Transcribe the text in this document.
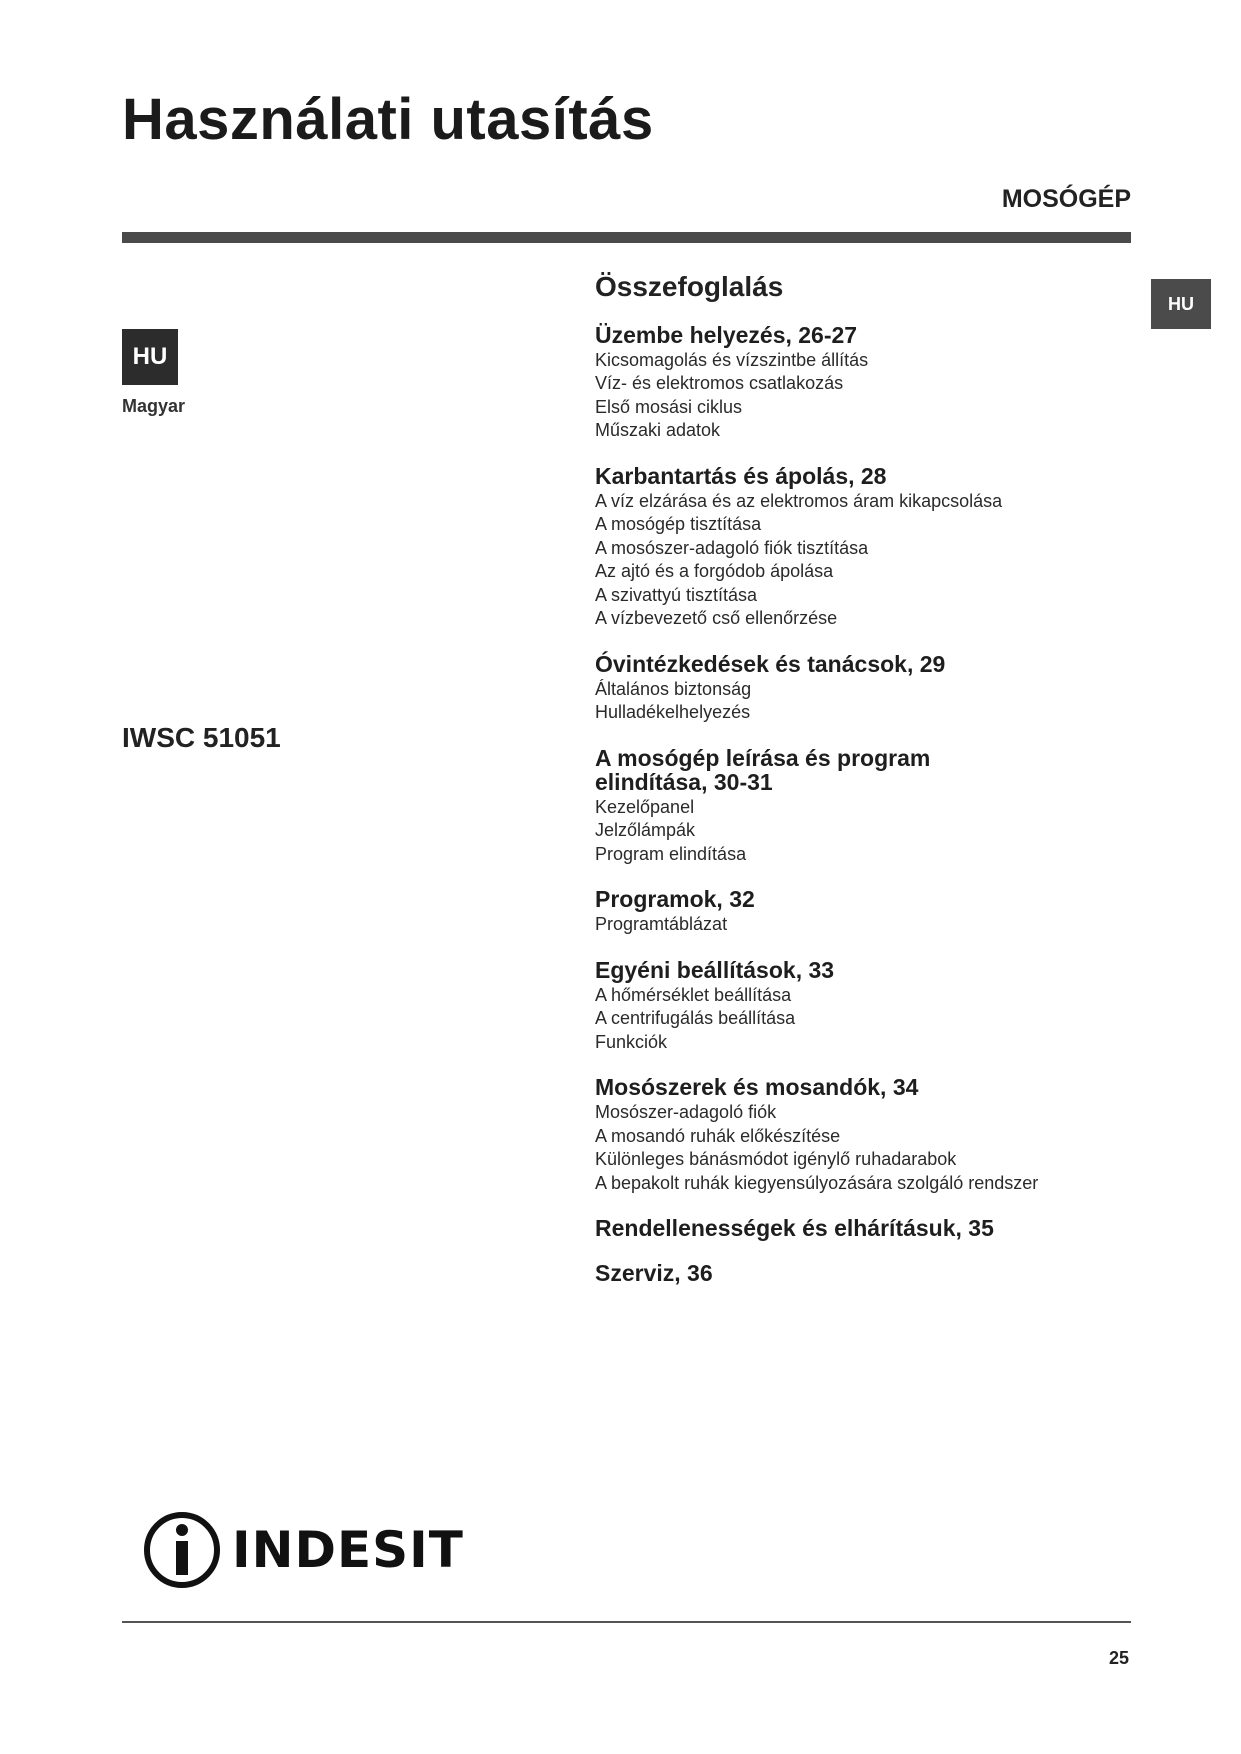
Használati utasítás
MOSÓGÉP
HU
HU
Magyar
IWSC 51051
Összefoglalás
Üzembe helyezés, 26-27
Kicsomagolás és vízszintbe állítás
Víz- és elektromos csatlakozás
Első mosási ciklus
Műszaki adatok
Karbantartás és ápolás, 28
A víz elzárása és az elektromos áram kikapcsolása
A mosógép tisztítása
A mosószer-adagoló fiók tisztítása
Az ajtó és a forgódob ápolása
A szivattyú tisztítása
A vízbevezető cső ellenőrzése
Óvintézkedések és tanácsok, 29
Általános biztonság
Hulladékelhelyezés
A mosógép leírása és program
elindítása, 30-31
Kezelőpanel
Jelzőlámpák
Program elindítása
Programok, 32
Programtáblázat
Egyéni beállítások, 33
A hőmérséklet beállítása
A centrifugálás beállítása
Funkciók
Mosószerek és mosandók, 34
Mosószer-adagoló fiók
A mosandó ruhák előkészítése
Különleges bánásmódot igénylő ruhadarabok
A bepakolt ruhák kiegyensúlyozására szolgáló rendszer
Rendellenességek és elhárításuk, 35
Szerviz, 36
INDESIT
25
